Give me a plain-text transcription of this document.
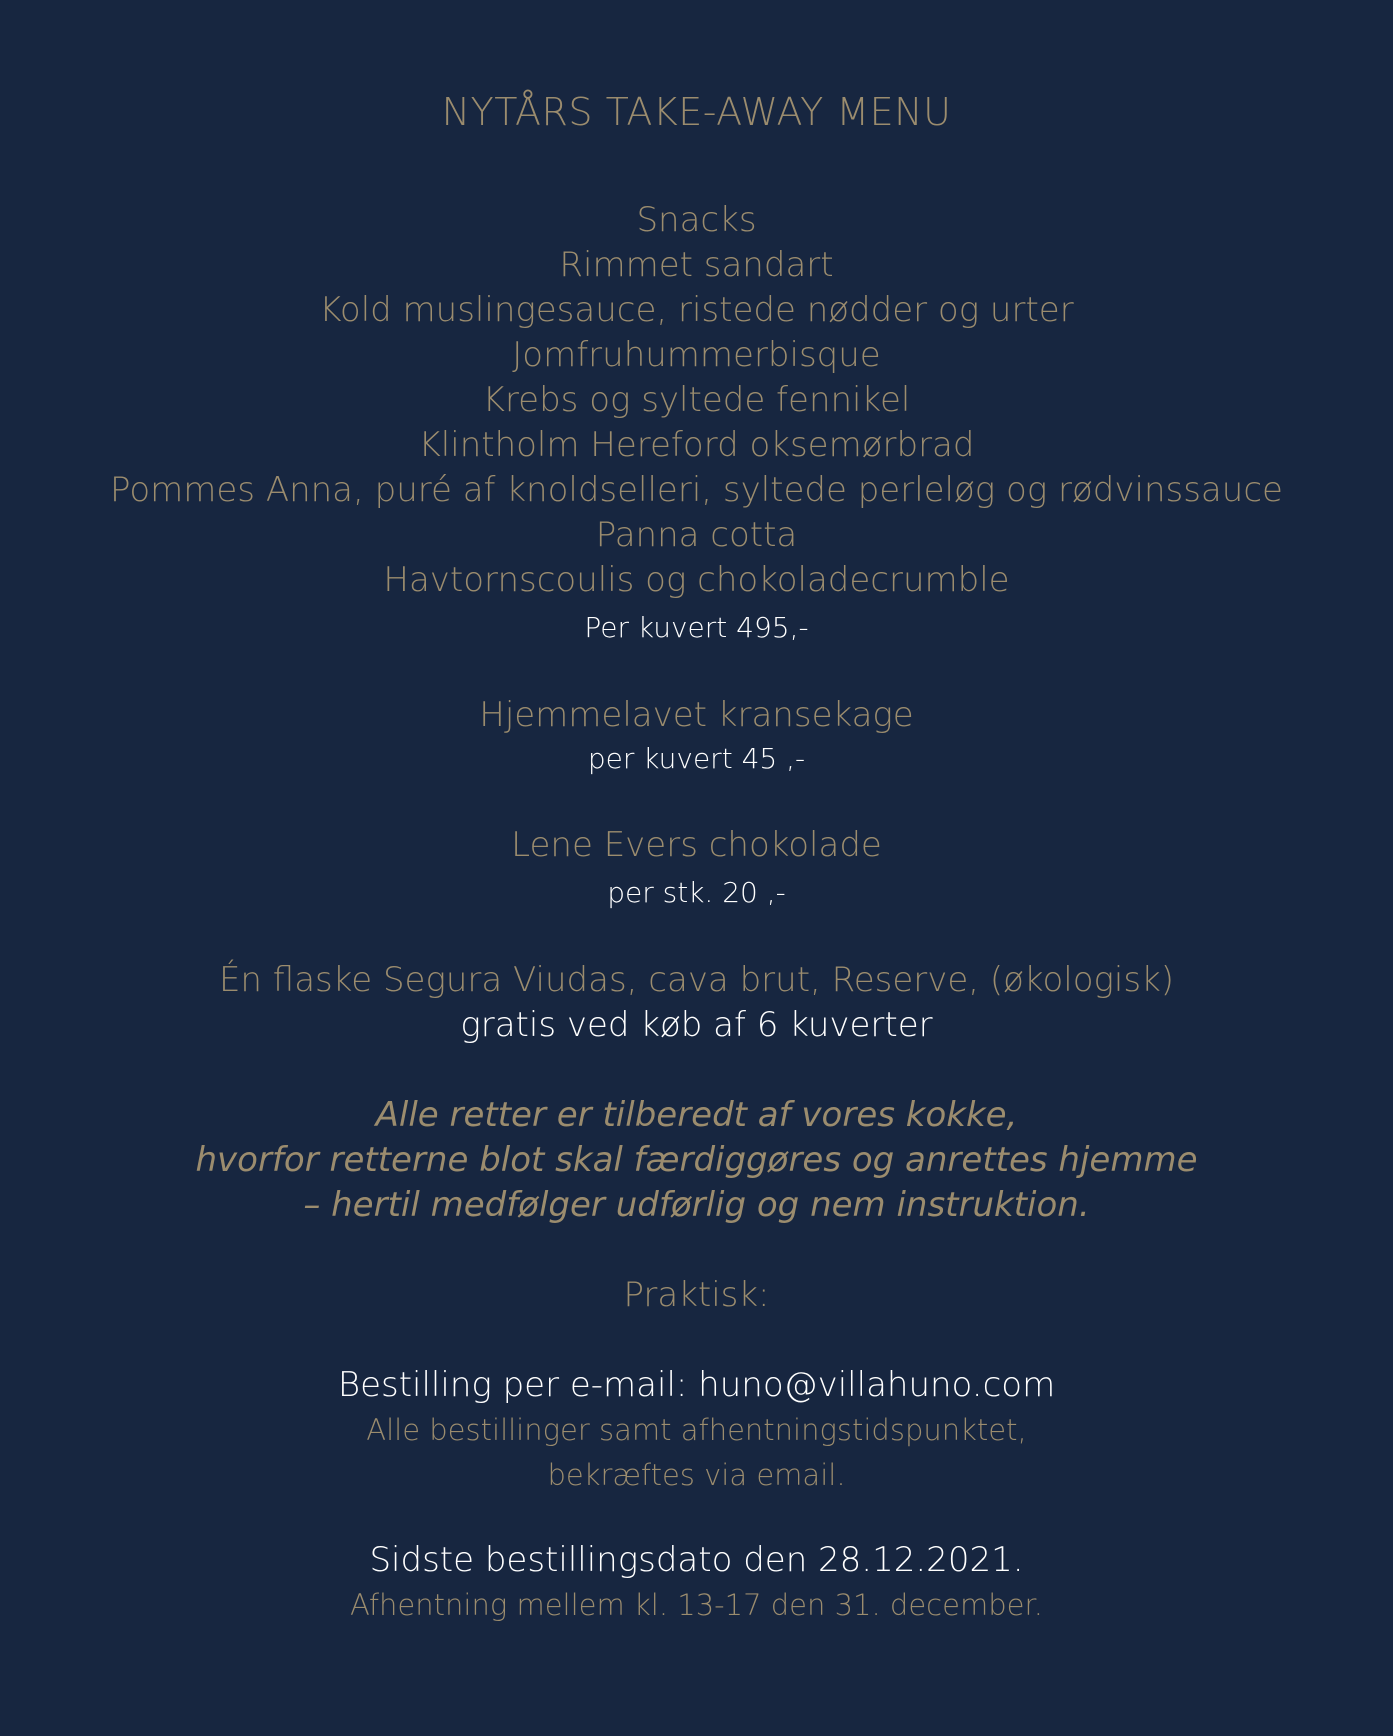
NYTÅRS TAKE-AWAY MENU
Snacks
Rimmet sandart
Kold muslingesauce, ristede nødder og urter
Jomfruhummerbisque
Krebs og syltede fennikel
Klintholm Hereford oksemørbrad
Pommes Anna, puré af knoldselleri, syltede perleløg og rødvinssauce
Panna cotta
Havtornscoulis og chokoladecrumble
Per kuvert 495,-
Hjemmelavet kransekage
per kuvert 45 ,-
Lene Evers chokolade
per stk. 20 ,-
Én flaske Segura Viudas, cava brut, Reserve, (økologisk)
gratis ved køb af 6 kuverter
Alle retter er tilberedt af vores kokke,
hvorfor retterne blot skal færdiggøres og anrettes hjemme
– hertil medfølger udførlig og nem instruktion.
Praktisk:
Bestilling per e-mail: huno@villahuno.com
Alle bestillinger samt afhentningstidspunktet,
bekræftes via email.
Sidste bestillingsdato den 28.12.2021.
Afhentning mellem kl. 13-17 den 31. december.
